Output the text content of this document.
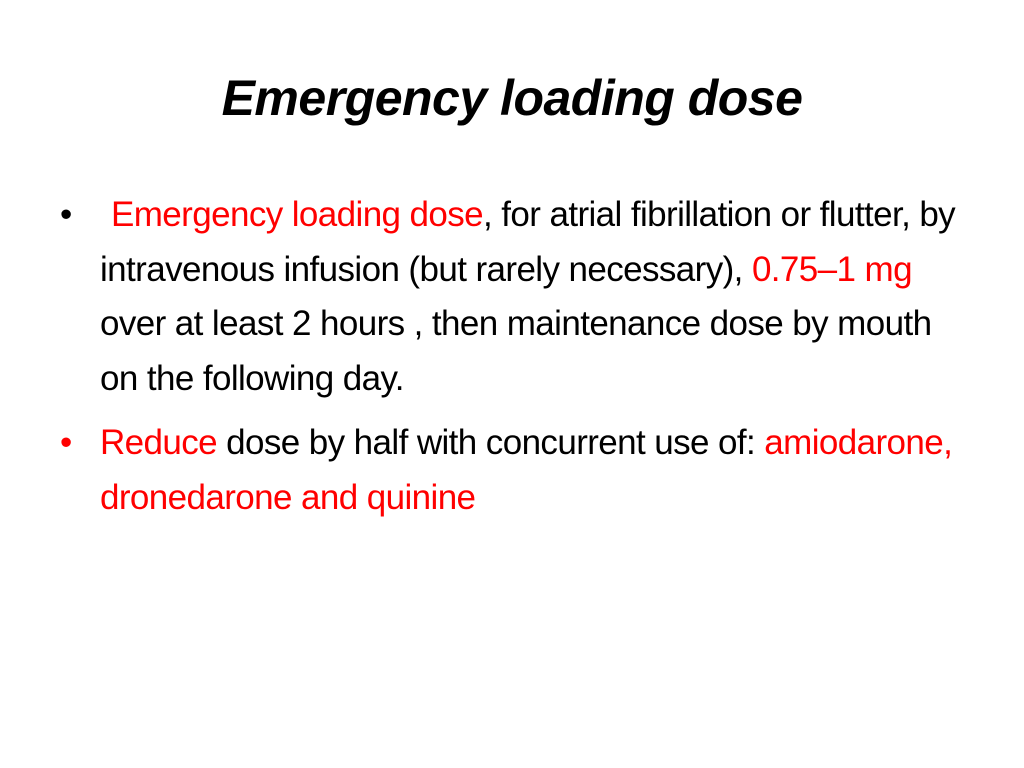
Emergency loading dose
•	Emergency loading dose, for atrial fibrillation or flutter, by intravenous infusion (but rarely necessary), 0.75–1 mg over at least 2 hours , then maintenance dose by mouth on the following day.
• Reduce dose by half with concurrent use of: amiodarone, dronedarone and quinine
